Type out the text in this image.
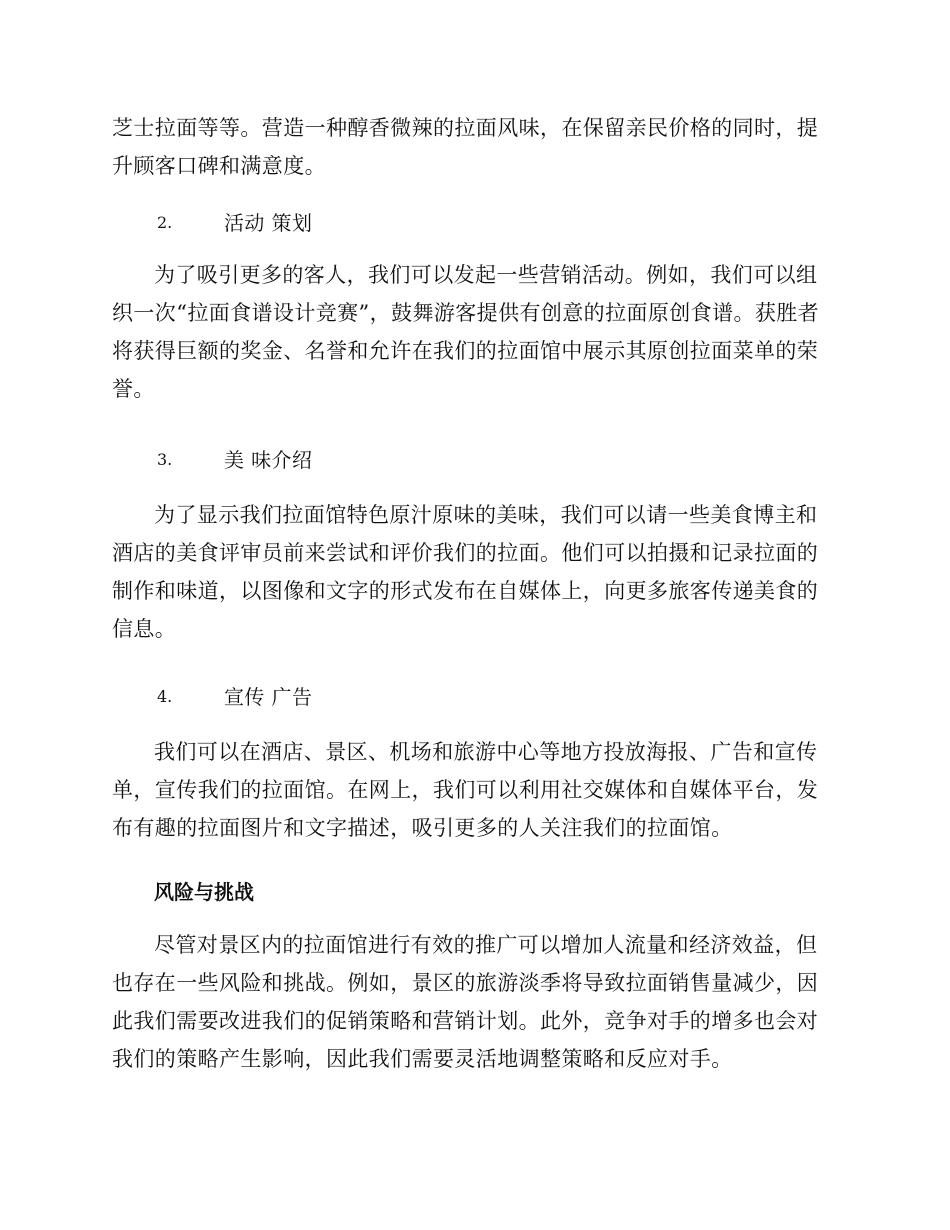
芝士拉面等等。营造一种醇香微辣的拉面风味，在保留亲民价格的同时，提升顾客口碑和满意度。

2.	活动 策划

为了吸引更多的客人，我们可以发起一些营销活动。例如，我们可以组织一次“拉面食谱设计竞赛”，鼓舞游客提供有创意的拉面原创食谱。获胜者将获得巨额的奖金、名誉和允许在我们的拉面馆中展示其原创拉面菜单的荣誉。

3.	美 味介绍

为了显示我们拉面馆特色原汁原味的美味，我们可以请一些美食博主和酒店的美食评审员前来尝试和评价我们的拉面。他们可以拍摄和记录拉面的制作和味道，以图像和文字的形式发布在自媒体上，向更多旅客传递美食的信息。

4.	宣传 广告

我们可以在酒店、景区、机场和旅游中心等地方投放海报、广告和宣传单，宣传我们的拉面馆。在网上，我们可以利用社交媒体和自媒体平台，发布有趣的拉面图片和文字描述，吸引更多的人关注我们的拉面馆。

风险与挑战

尽管对景区内的拉面馆进行有效的推广可以增加人流量和经济效益，但也存在一些风险和挑战。例如，景区的旅游淡季将导致拉面销售量减少，因此我们需要改进我们的促销策略和营销计划。此外，竞争对手的增多也会对我们的策略产生影响，因此我们需要灵活地调整策略和反应对手。
